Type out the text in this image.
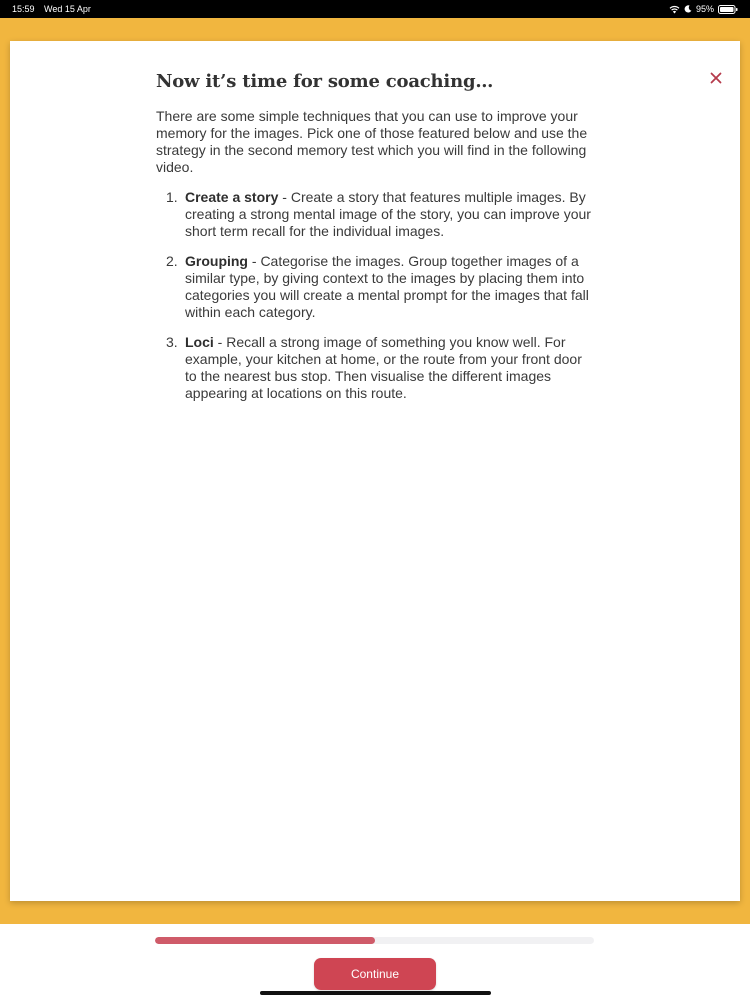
15:59 Wed 15 Apr	95%
Now it’s time for some coaching…

There are some simple techniques that you can use to improve your memory for the images. Pick one of those featured below and use the strategy in the second memory test which you will find in the following video.

1. Create a story - Create a story that features multiple images. By creating a strong mental image of the story, you can improve your short term recall for the individual images.
2. Grouping - Categorise the images. Group together images of a similar type, by giving context to the images by placing them into categories you will create a mental prompt for the images that fall within each category.
3. Loci - Recall a strong image of something you know well. For example, your kitchen at home, or the route from your front door to the nearest bus stop. Then visualise the different images appearing at locations on this route.
Continue
